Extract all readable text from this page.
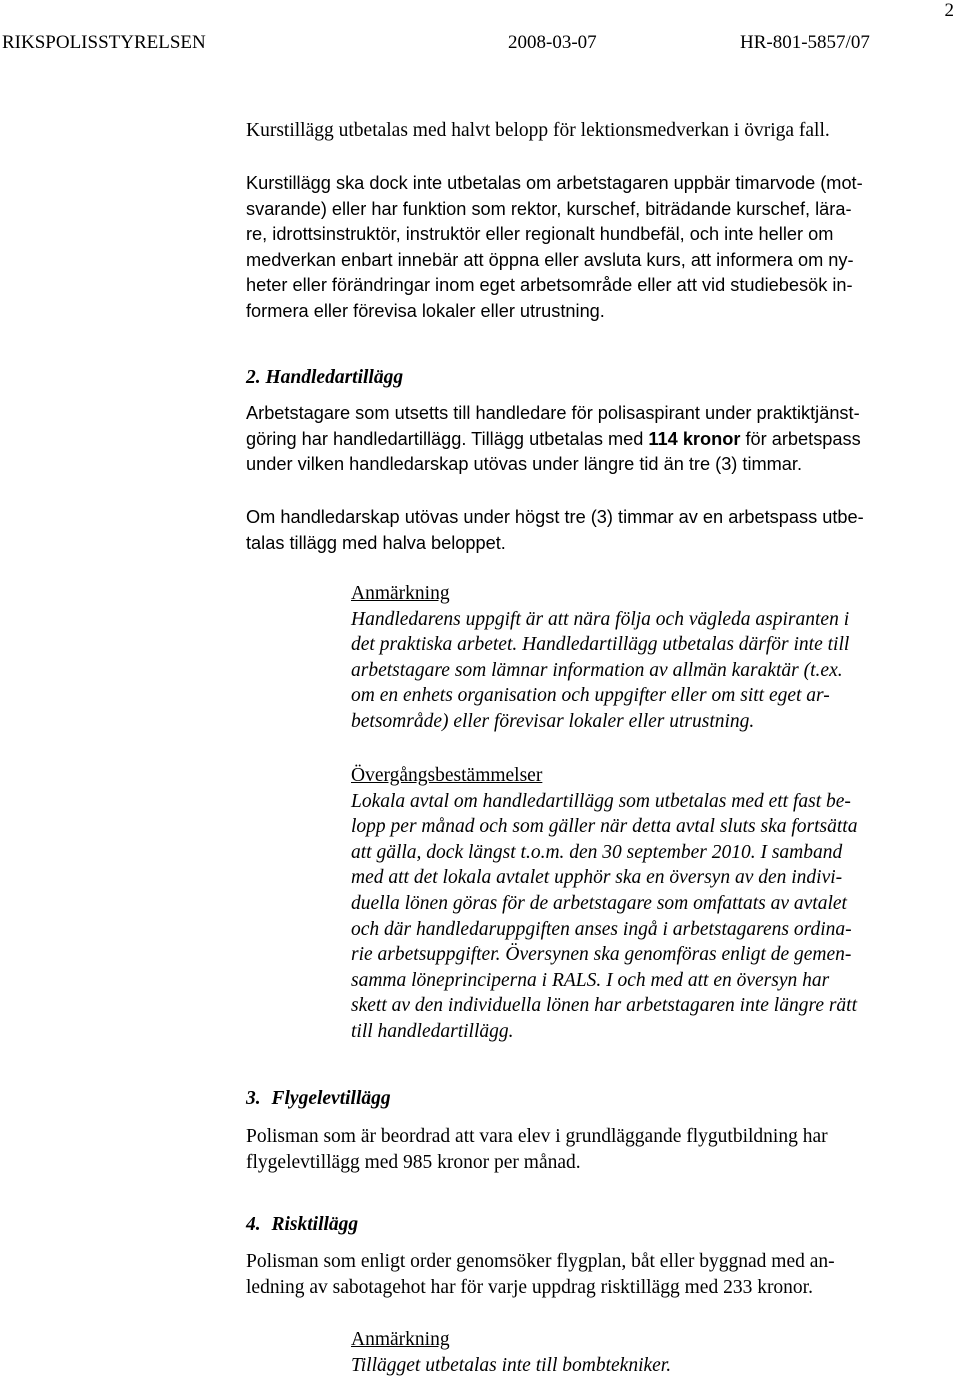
2
RIKSPOLISSTYRELSEN	2008-03-07	HR-801-5857/07

Kurstillägg utbetalas med halvt belopp för lektionsmedverkan i övriga fall.

Kurstillägg ska dock inte utbetalas om arbetstagaren uppbär timarvode (mot-
svarande) eller har funktion som rektor, kurschef, biträdande kurschef, lära-
re, idrottsinstruktör, instruktör eller regionalt hundbefäl, och inte heller om
medverkan enbart innebär att öppna eller avsluta kurs, att informera om ny-
heter eller förändringar inom eget arbetsområde eller att vid studiebesök in-
formera eller förevisa lokaler eller utrustning.

2. Handledartillägg

Arbetstagare som utsetts till handledare för polisaspirant under praktiktjänst-
göring har handledartillägg. Tillägg utbetalas med 114 kronor för arbetspass
under vilken handledarskap utövas under längre tid än tre (3) timmar.

Om handledarskap utövas under högst tre (3) timmar av en arbetspass utbe-
talas tillägg med halva beloppet.

Anmärkning
Handledarens uppgift är att nära följa och vägleda aspiranten i
det praktiska arbetet. Handledartillägg utbetalas därför inte till
arbetstagare som lämnar information av allmän karaktär (t.ex.
om en enhets organisation och uppgifter eller om sitt eget ar-
betsområde) eller förevisar lokaler eller utrustning.

Övergångsbestämmelser
Lokala avtal om handledartillägg som utbetalas med ett fast be-
lopp per månad och som gäller när detta avtal sluts ska fortsätta
att gälla, dock längst t.o.m. den 30 september 2010. I samband
med att det lokala avtalet upphör ska en översyn av den indivi-
duella lönen göras för de arbetstagare som omfattats av avtalet
och där handledaruppgiften anses ingå i arbetstagarens ordina-
rie arbetsuppgifter. Översynen ska genomföras enligt de gemen-
samma löneprinciperna i RALS. I och med att en översyn har
skett av den individuella lönen har arbetstagaren inte längre rätt
till handledartillägg.

3. Flygelevtillägg

Polisman som är beordrad att vara elev i grundläggande flygutbildning har
flygelevtillägg med 985 kronor per månad.

4. Risktillägg

Polisman som enligt order genomsöker flygplan, båt eller byggnad med an-
ledning av sabotagehot har för varje uppdrag risktillägg med 233 kronor.

Anmärkning
Tillägget utbetalas inte till bombtekniker.
